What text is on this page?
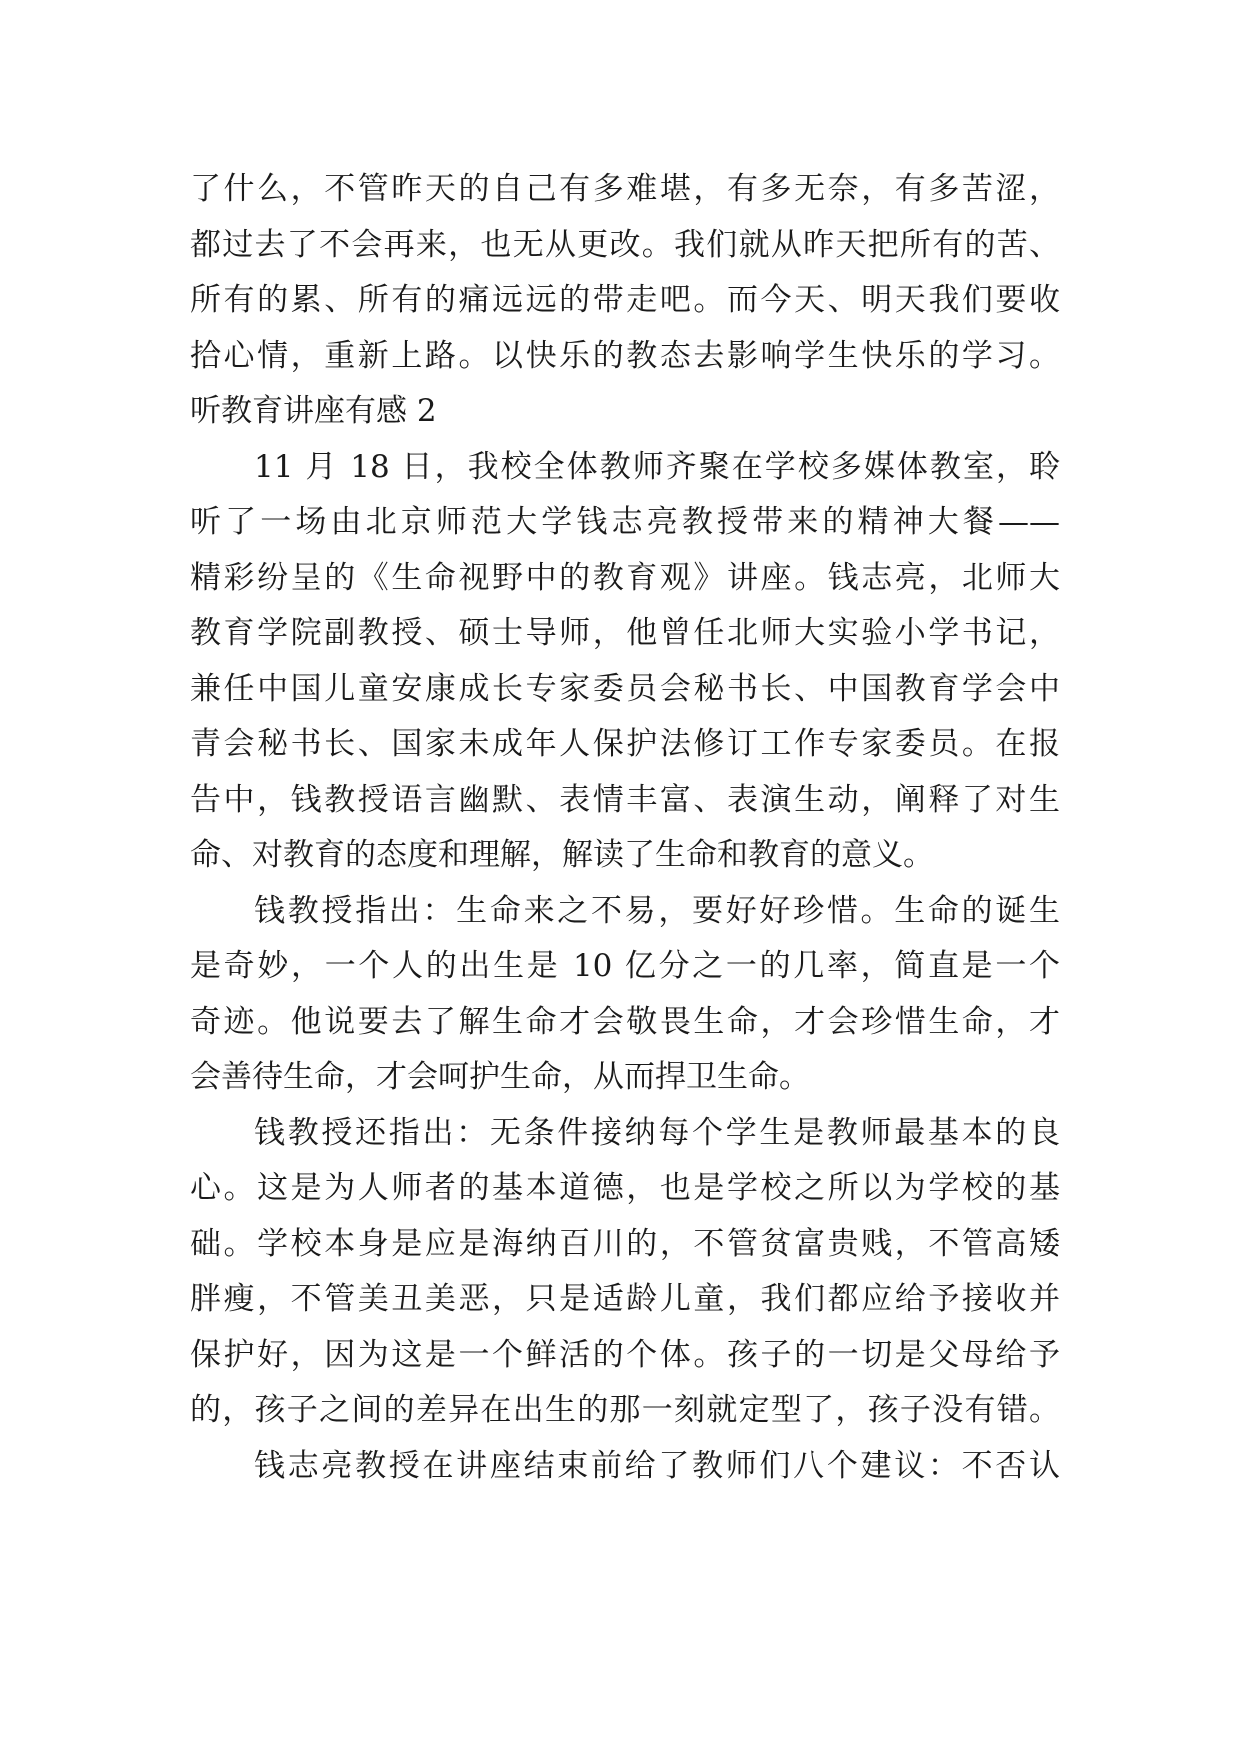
了什么，不管昨天的自己有多难堪，有多无奈，有多苦涩，
都过去了不会再来，也无从更改。我们就从昨天把所有的苦、
所有的累、所有的痛远远的带走吧。而今天、明天我们要收
拾心情，重新上路。以快乐的教态去影响学生快乐的学习。
听教育讲座有感 2
11 月 18 日，我校全体教师齐聚在学校多媒体教室，聆
听了一场由北京师范大学钱志亮教授带来的精神大餐——
精彩纷呈的《生命视野中的教育观》讲座。钱志亮，北师大
教育学院副教授、硕士导师，他曾任北师大实验小学书记，
兼任中国儿童安康成长专家委员会秘书长、中国教育学会中
青会秘书长、国家未成年人保护法修订工作专家委员。在报
告中，钱教授语言幽默、表情丰富、表演生动，阐释了对生
命、对教育的态度和理解，解读了生命和教育的意义。
钱教授指出：生命来之不易，要好好珍惜。生命的诞生
是奇妙，一个人的出生是 10 亿分之一的几率，简直是一个
奇迹。他说要去了解生命才会敬畏生命，才会珍惜生命，才
会善待生命，才会呵护生命，从而捍卫生命。
钱教授还指出：无条件接纳每个学生是教师最基本的良
心。这是为人师者的基本道德，也是学校之所以为学校的基
础。学校本身是应是海纳百川的，不管贫富贵贱，不管高矮
胖瘦，不管美丑美恶，只是适龄儿童，我们都应给予接收并
保护好，因为这是一个鲜活的个体。孩子的一切是父母给予
的，孩子之间的差异在出生的那一刻就定型了，孩子没有错。
钱志亮教授在讲座结束前给了教师们八个建议：不否认
